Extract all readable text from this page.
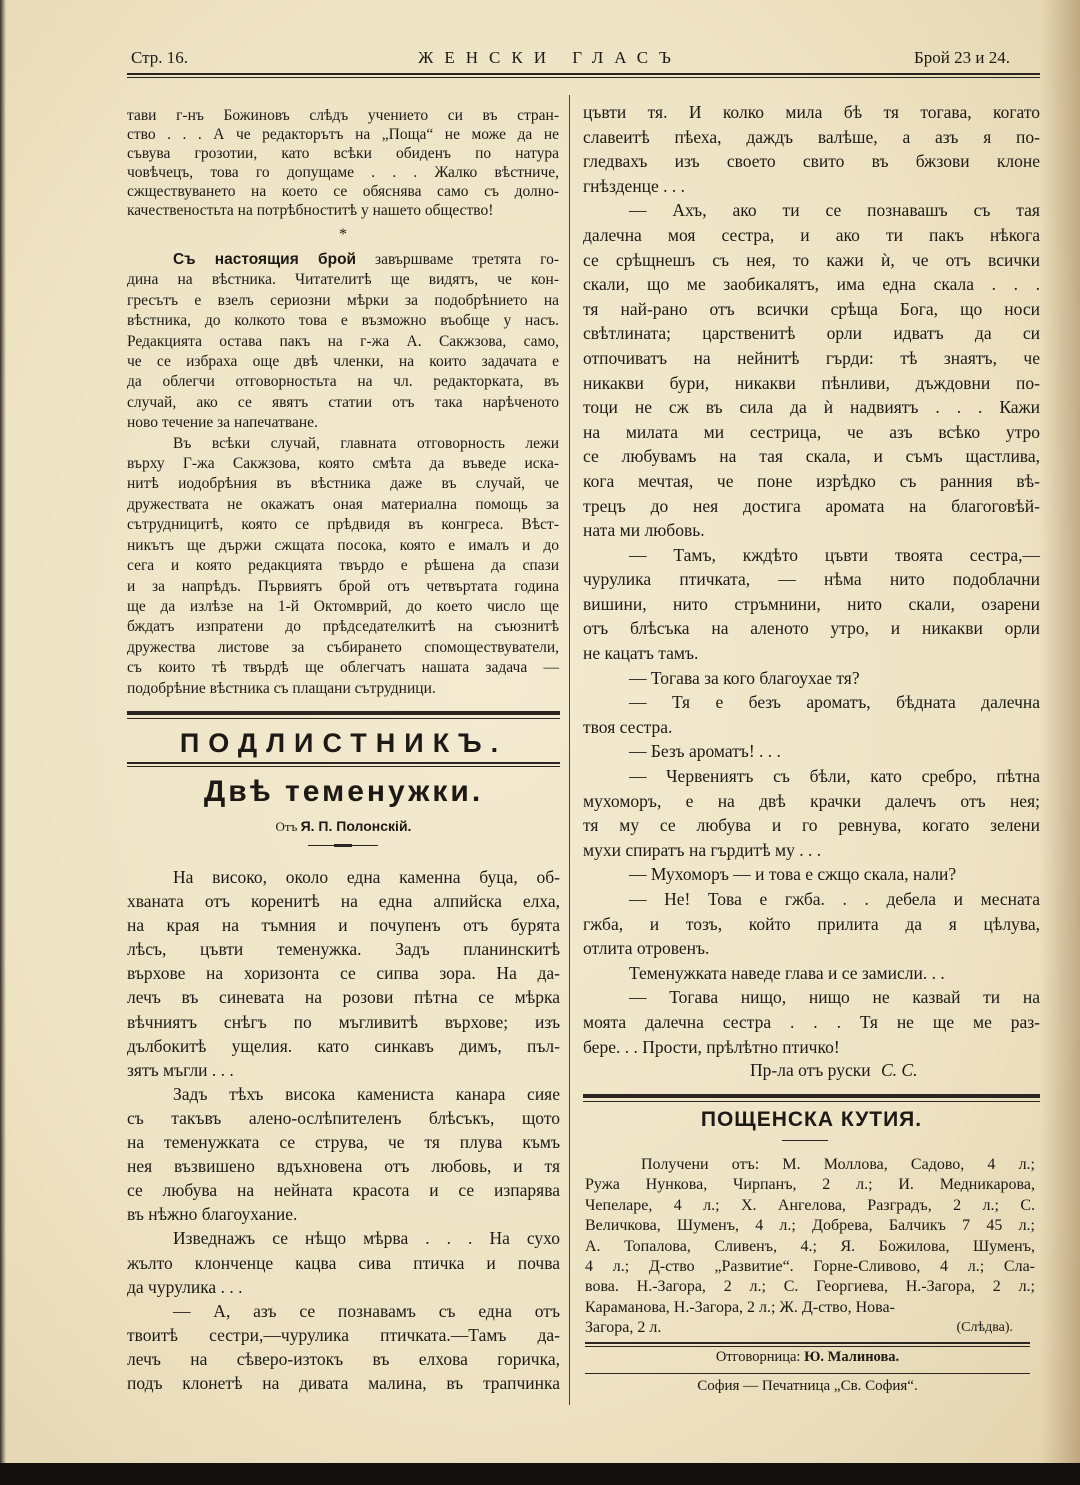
Стр. 16.	ЖЕНСКИ ГЛАСЪ	Брой 23 и 24.
тави г-нъ Божиновъ слѣдъ учението си въ стран-
ство . . . А че редакторътъ на „Поща“ не може да не
съвува грозотии, като всѣки обиденъ по натура
човѣчецъ, това го допущаме . . . Жалко вѣстниче,
сжществуването на което се обяснява само съ долно-
качественостьта на потрѣбноститѣ у нашето общество!
*
Съ настоящия брой завършваме третята го-
дина на вѣстника. Читателитѣ ще видятъ, че кон-
гресътъ е взелъ сериозни мѣрки за подобрѣнието на
вѣстника, до колкото това е възможно въобще у насъ.
Редакцията остава пакъ на г-жа А. Сакжзова, само,
че се избраха още двѣ членки, на които задачата е
да облегчи отговорностьта на чл. редакторката, въ
случай, ако се явятъ статии отъ така нарѣченото
ново течение за напечатване.
Въ всѣки случай, главната отговорность лежи
върху Г-жа Сакжзова, която смѣта да въведе иска-
нитѣ иодобрѣния въ вѣстника даже въ случай, че
дружествата не окажатъ оная материална помощь за
сътрудницитѣ, която се прѣдвидя въ конгреса. Вѣст-
никътъ ще държи сжщата посока, която е ималъ и до
сега и която редакцията твърдо е рѣшена да спази
и за напрѣдъ. Първиятъ брой отъ четвъртата година
ще да излѣзе на 1-й Октомврий, до което число ще
бждатъ изпратени до прѣдседателкитѣ на съюзнитѣ
дружества листове за събирането спомоществуватели,
съ които тѣ твърдѣ ще облегчатъ нашата задача —
подобрѣние вѣстника съ плащани сътрудници.
ПОДЛИСТНИКЪ.
Двѣ теменужки.
Отъ Я. П. Полонскій.
На високо, около една каменна буца, об-
хваната отъ коренитѣ на една алпийска елха,
на края на тъмния и почупенъ отъ бурята
лѣсъ, цъвти теменужка. Задъ планинскитѣ
върхове на хоризонта се сипва зора. На да-
лечъ въ синевата на розови пѣтна се мѣрка
вѣчниятъ снѣгъ по мъгливитѣ върхове; изъ
дълбокитѣ ущелия. като синкавъ димъ, пъл-
зятъ мъгли . . .
Задъ тѣхъ висока камениста канара сияе
съ такъвъ алено-ослѣпителенъ блѣсъкъ, щото
на теменужката се струва, че тя плува къмъ
нея възвишено вдъхновена отъ любовь, и тя
се любува на нейната красота и се изпарява
въ нѣжно благоухание.
Изведнажъ се нѣщо мѣрва . . . На сухо
жълто клонченце кацва сива птичка и почва
да чурулика . . .
— А, азъ се познавамъ съ една отъ
твоитѣ сестри,—чурулика птичката.—Тамъ да-
лечъ на сѣверо-изтокъ въ елхова горичка,
подъ клонетѣ на дивата малина, въ трапчинка
цъвти тя. И колко мила бѣ тя тогава, когато
славеитѣ пѣеха, даждъ валѣше, а азъ я по-
гледвахъ изъ своето свито въ бжзови клоне
гнѣзденце . . .
— Ахъ, ако ти се познавашъ съ тая
далечна моя сестра, и ако ти пакъ нѣкога
се срѣщнешъ съ нея, то кажи ѝ, че отъ всички
скали, що ме заобикалятъ, има една скала . . .
тя най-рано отъ всички срѣща Бога, що носи
свѣтлината; царственитѣ орли идватъ да си
отпочиватъ на нейнитѣ гърди: тѣ знаятъ, че
никакви бури, никакви пѣнливи, дъждовни по-
тоци не сж въ сила да ѝ надвиятъ . . . Кажи
на милата ми сестрица, че азъ всѣко утро
се любувамъ на тая скала, и съмъ щастлива,
кога мечтая, че поне изрѣдко съ ранния вѣ-
трецъ до нея достига аромата на благоговѣй-
ната ми любовь.
— Тамъ, кждѣто цъвти твоята сестра,—
чурулика птичката, — нѣма нито подоблачни
вишини, нито стръмнини, нито скали, озарени
отъ блѣсъка на аленото утро, и никакви орли
не кацатъ тамъ.
— Тогава за кого благоухае тя?
— Тя е безъ ароматъ, бѣдната далечна
твоя сестра.
— Безъ ароматъ! . . .
— Червениятъ съ бѣли, като сребро, пѣтна
мухоморъ, е на двѣ крачки далечъ отъ нея;
тя му се любува и го ревнува, когато зелени
мухи спиратъ на гърдитѣ му . . .
— Мухоморъ — и това е сжщо скала, нали?
— Не! Това е гжба. . . дебела и месната
гжба, и тозъ, който прилита да я цѣлува,
отлита отровенъ.
Теменужката наведе глава и се замисли. . .
— Тогава нищо, нищо не казвай ти на
моята далечна сестра . . . Тя не ще ме раз-
бере. . . Прости, прѣлѣтно птичко!
Пр-ла отъ руски С. С.
ПОЩЕНСКА КУТИЯ.
Получени отъ: М. Моллова, Садово, 4 л.;
Ружа Нункова, Чирпанъ, 2 л.; И. Медникарова,
Чепеларе, 4 л.; Х. Ангелова, Разградъ, 2 л.; С.
Величкова, Шуменъ, 4 л.; Добрева, Балчикъ 7 45 л.;
А. Топалова, Сливенъ, 4.; Я. Божилова, Шуменъ,
4 л.; Д-ство „Развитие“. Горне-Сливово, 4 л.; Сла-
вова. Н.-Загора, 2 л.; С. Георгиева, Н.-Загора, 2 л.;
Караманова, Н.-Загора, 2 л.; Ж. Д-ство, Нова-
Загора, 2 л.	(Слѣдва).
Отговорница: Ю. Малинова.
София — Печатница „Св. София“.
